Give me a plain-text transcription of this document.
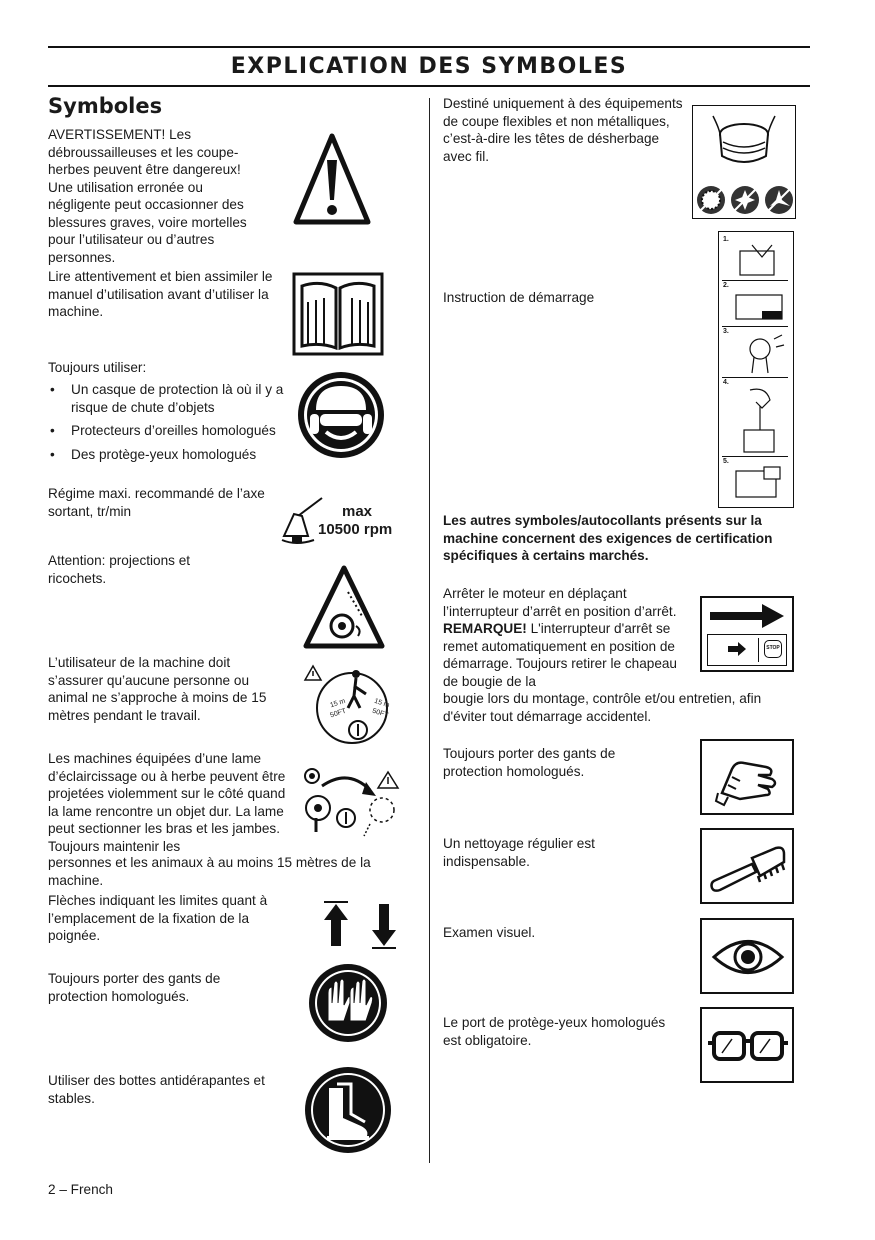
EXPLICATION DES SYMBOLES
Symboles
AVERTISSEMENT! Les débroussailleuses et les coupe-herbes peuvent être dangereux! Une utilisation erronée ou négligente peut occasionner des blessures graves, voire mortelles pour l’utilisateur ou d’autres personnes.
Lire attentivement et bien assimiler le manuel d’utilisation avant d’utiliser la machine.
Toujours utiliser:
• Un casque de protection là où il y a risque de chute d’objets
• Protecteurs d’oreilles homologués
• Des protège-yeux homologués
Régime maxi. recommandé de l’axe sortant, tr/min	max
10500 rpm
Attention: projections et ricochets.
L’utilisateur de la machine doit s’assurer qu’aucune personne ou animal ne s’approche à moins de 15 mètres pendant le travail.
15 m
50FT
15 m
50FT
Les machines équipées d’une lame d’éclaircissage ou à herbe peuvent être projetées violemment sur le côté quand la lame rencontre un objet dur. La lame peut sectionner les bras et les jambes. Toujours maintenir les
personnes et les animaux à au moins 15 mètres de la machine.
Flèches indiquant les limites quant à l’emplacement de la fixation de la poignée.
Toujours porter des gants de protection homologués.
Utiliser des bottes antidérapantes et stables.
Destiné uniquement à des équipements de coupe flexibles et non métalliques, c’est-à-dire les têtes de désherbage avec fil.
Instruction de démarrage
1.
2.
3.
4.
5.
Les autres symboles/autocollants présents sur la machine concernent des exigences de certification spécifiques à certains marchés.
Arrêter le moteur en déplaçant l’interrupteur d’arrêt en position d’arrêt. REMARQUE! L'interrupteur d'arrêt se remet automatiquement en position de démarrage. Toujours retirer le chapeau de bougie de la
bougie lors du montage, contrôle et/ou entretien, afin d'éviter tout démarrage accidentel.
STOP
Toujours porter des gants de protection homologués.
Un nettoyage régulier est indispensable.
Examen visuel.
Le port de protège-yeux homologués est obligatoire.
2 – French
